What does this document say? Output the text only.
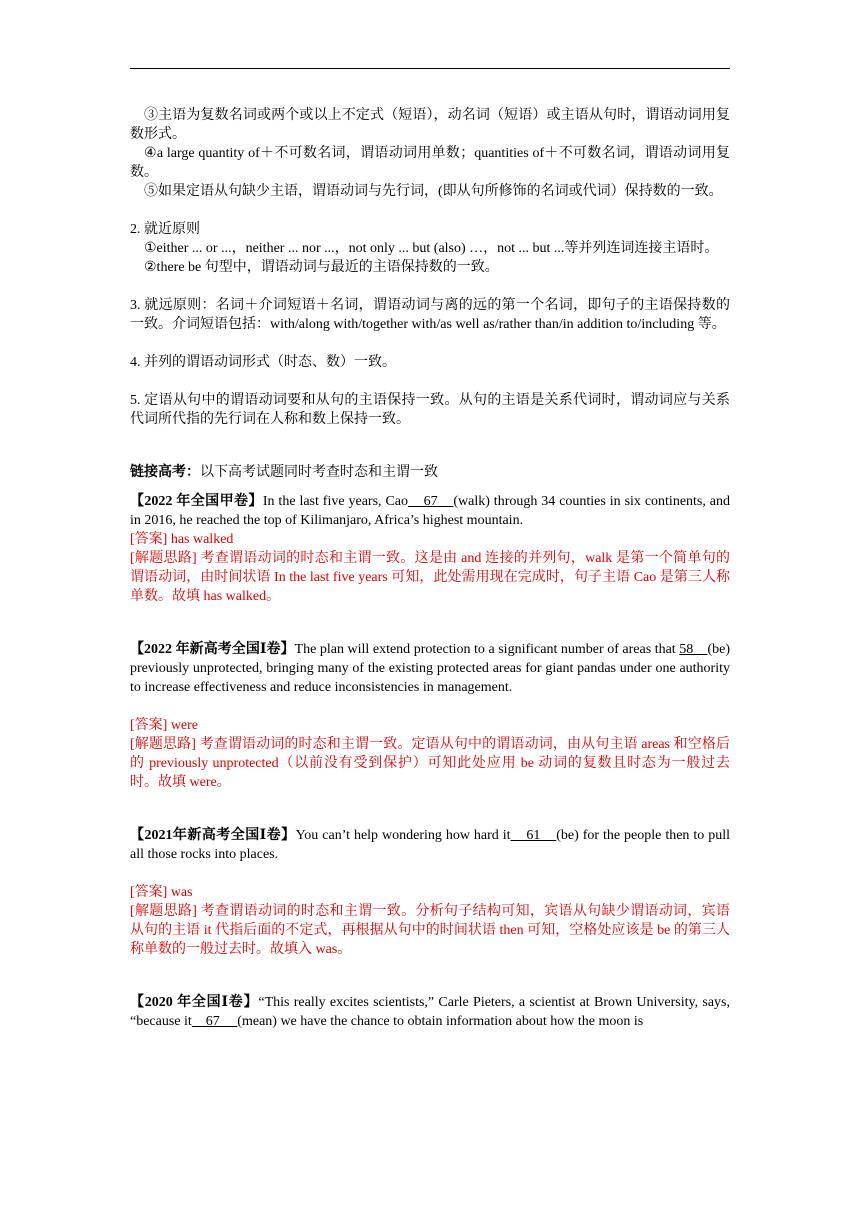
③主语为复数名词或两个或以上不定式（短语），动名词（短语）或主语从句时，谓语动词用复数形式。

④a large quantity of＋不可数名词，谓语动词用单数；quantities of＋不可数名词，谓语动词用复数。

⑤如果定语从句缺少主语，谓语动词与先行词，(即从句所修饰的名词或代词）保持数的一致。

2. 就近原则

①either ... or ...，neither ... nor ...，not only ... but (also) …，not ... but ...等并列连词连接主语时。

②there be 句型中，谓语动词与最近的主语保持数的一致。

3. 就远原则：名词＋介词短语＋名词，谓语动词与离的远的第一个名词，即句子的主语保持数的一致。介词短语包括：with/along with/together with/as well as/rather than/in addition to/including 等。

4. 并列的谓语动词形式（时态、数）一致。

5. 定语从句中的谓语动词要和从句的主语保持一致。从句的主语是关系代词时，谓动词应与关系代词所代指的先行词在人称和数上保持一致。

链接高考：以下高考试题同时考查时态和主谓一致

【2022 年全国甲卷】In the last five years, Cao    67    (walk) through 34 counties in six continents, and in 2016, he reached the top of Kilimanjaro, Africa’s highest mountain.

[答案] has walked

[解题思路] 考查谓语动词的时态和主谓一致。这是由 and 连接的并列句，walk 是第一个简单句的谓语动词，由时间状语 In the last five years 可知，此处需用现在完成时，句子主语 Cao 是第三人称单数。故填 has walked。

【2022 年新高考全国Ⅰ卷】The plan will extend protection to a significant number of areas that 58    (be) previously unprotected, bringing many of the existing protected areas for giant pandas under one authority to increase effectiveness and reduce inconsistencies in management.

[答案] were

[解题思路] 考查谓语动词的时态和主谓一致。定语从句中的谓语动词，由从句主语 areas 和空格后的 previously unprotected（以前没有受到保护）可知此处应用 be 动词的复数且时态为一般过去时。故填 were。

【2021年新高考全国Ⅰ卷】You can’t help wondering how hard it    61    (be) for the people then to pull all those rocks into places.

[答案] was

[解题思路] 考查谓语动词的时态和主谓一致。分析句子结构可知，宾语从句缺少谓语动词，宾语从句的主语 it 代指后面的不定式，再根据从句中的时间状语 then 可知，空格处应该是 be 的第三人称单数的一般过去时。故填入 was。

【2020 年全国Ⅰ卷】“This really excites scientists,” Carle Pieters, a scientist at Brown University, says, “because it    67     (mean) we have the chance to obtain information about how the moon is
